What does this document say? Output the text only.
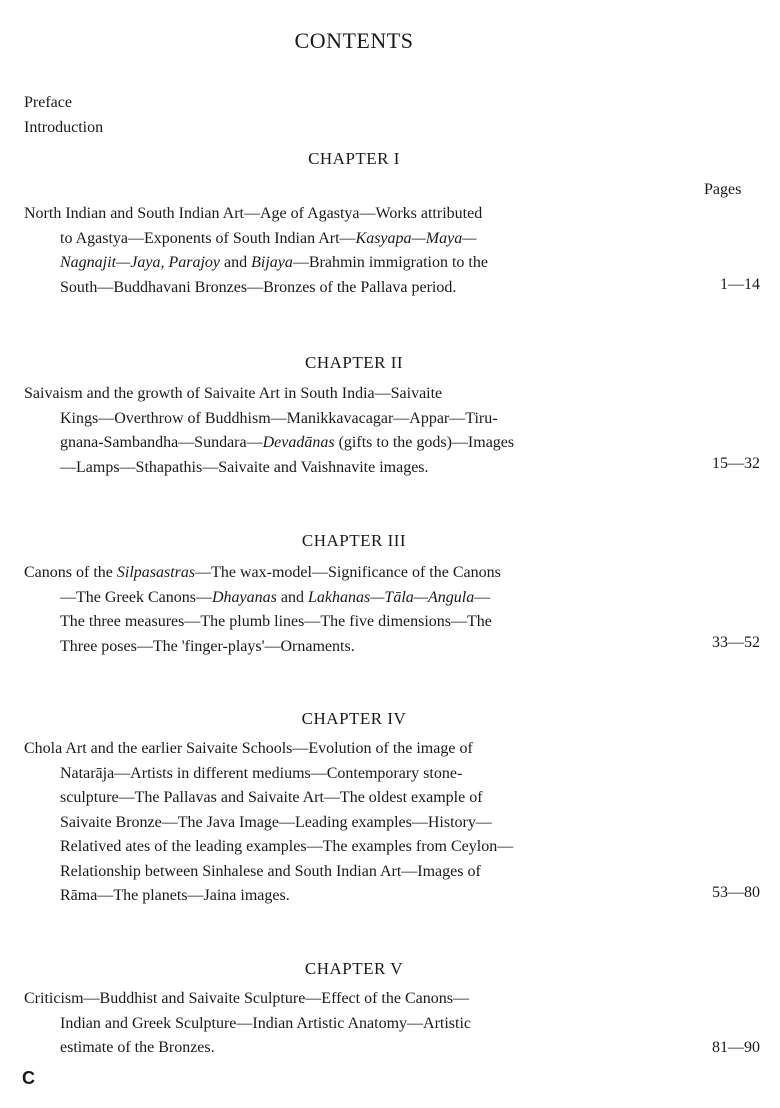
CONTENTS
Preface
Introduction
Pages
CHAPTER I
North Indian and South Indian Art—Age of Agastya—Works attributed
to Agastya—Exponents of South Indian Art—Kasyapa—Maya—
Nagnajit—Jaya, Parajoy and Bijaya—Brahmin immigration to the
South—Buddhavani Bronzes—Bronzes of the Pallava period.	1—14
CHAPTER II
Saivaism and the growth of Saivaite Art in South India—Saivaite
Kings—Overthrow of Buddhism—Manikkavacagar—Appar—Tiru-
gnana-Sambandha—Sundara—Devadānas (gifts to the gods)—Images
—Lamps—Sthapathis—Saivaite and Vaishnavite images.	15—32
CHAPTER III
Canons of the Silpasastras—The wax-model—Significance of the Canons
—The Greek Canons—Dhayanas and Lakhanas—Tāla—Angula—
The three measures—The plumb lines—The five dimensions—The
Three poses—The 'finger-plays'—Ornaments.	33—52
CHAPTER IV
Chola Art and the earlier Saivaite Schools—Evolution of the image of
Natarāja—Artists in different mediums—Contemporary stone-
sculpture—The Pallavas and Saivaite Art—The oldest example of
Saivaite Bronze—The Java Image—Leading examples—History—
Relatived ates of the leading examples—The examples from Ceylon—
Relationship between Sinhalese and South Indian Art—Images of
Rāma—The planets—Jaina images.	53—80
CHAPTER V
Criticism—Buddhist and Saivaite Sculpture—Effect of the Canons—
Indian and Greek Sculpture—Indian Artistic Anatomy—Artistic
estimate of the Bronzes.	81—90
C
